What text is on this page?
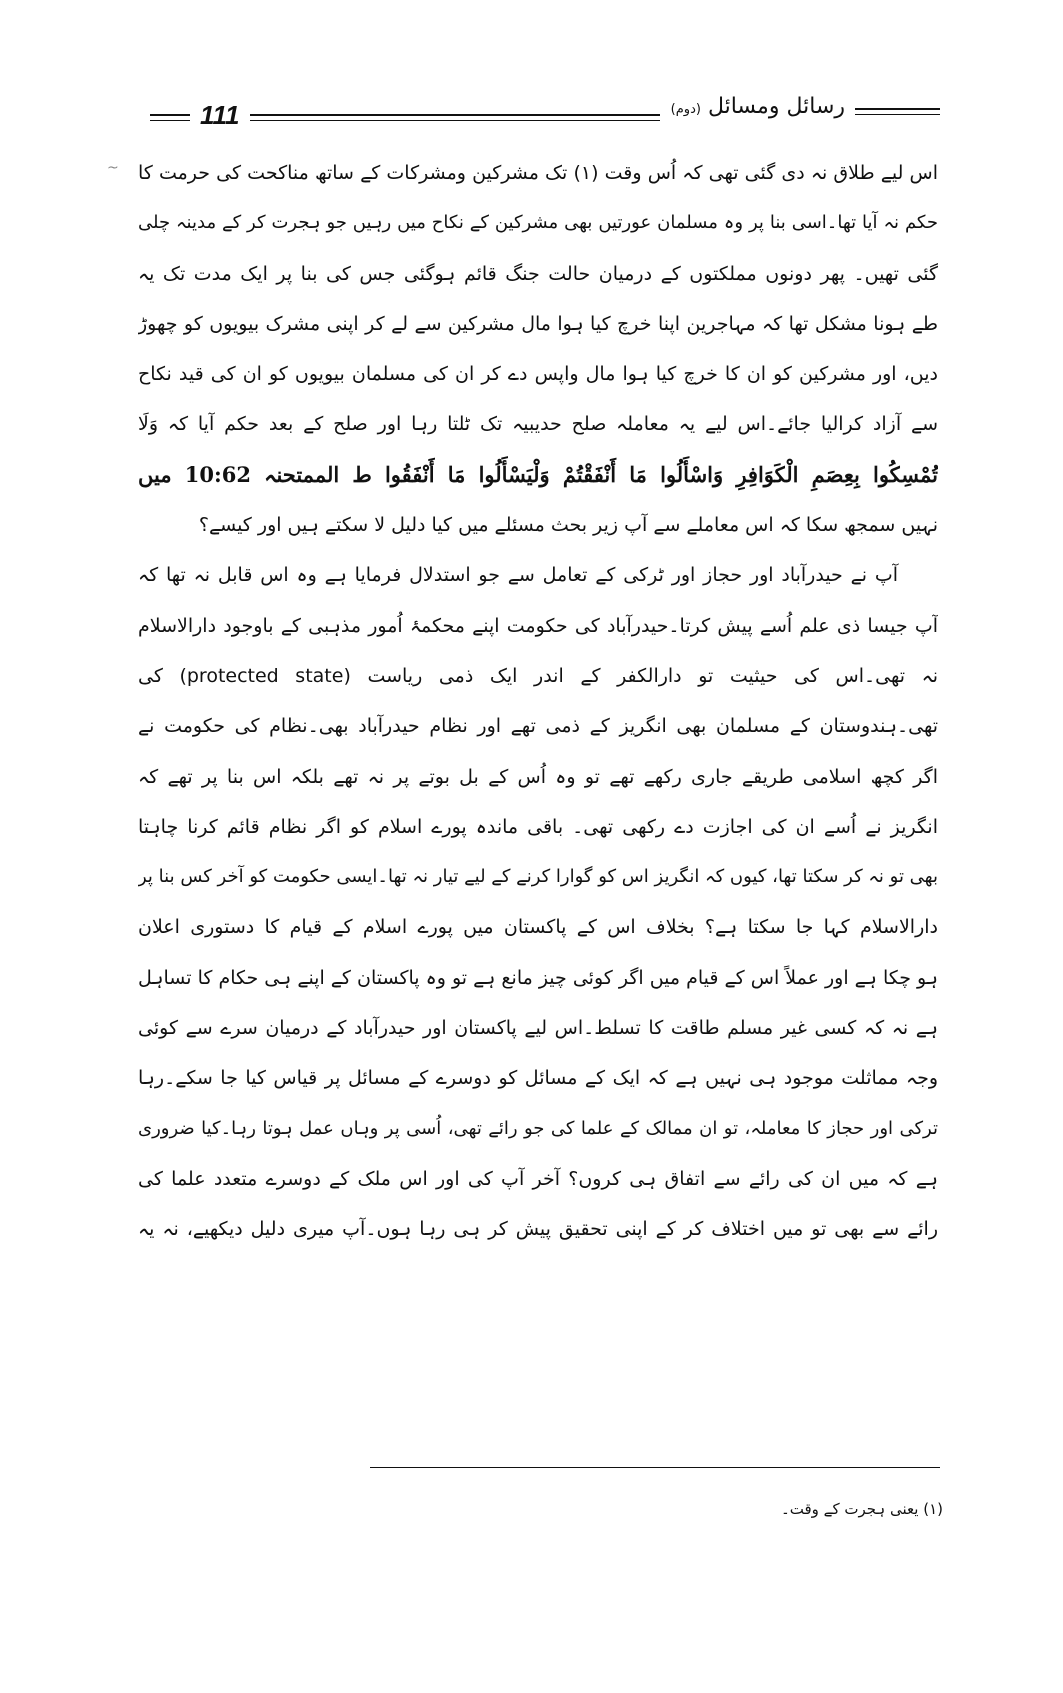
~
111	رسائل ومسائل (دوم)
اس لیے طلاق نہ دی گئی تھی کہ اُس وقت (۱) تک مشرکین ومشرکات کے ساتھ مناکحت کی حرمت کا
حکم نہ آیا تھا۔اسی بنا پر وہ مسلمان عورتیں بھی مشرکین کے نکاح میں رہیں جو ہجرت کر کے مدینہ چلی
گئی تھیں۔ پھر دونوں مملکتوں کے درمیان حالت جنگ قائم ہوگئی جس کی بنا پر ایک مدت تک یہ
طے ہونا مشکل تھا کہ مہاجرین اپنا خرچ کیا ہوا مال مشرکین سے لے کر اپنی مشرک بیویوں کو چھوڑ
دیں، اور مشرکین کو ان کا خرچ کیا ہوا مال واپس دے کر ان کی مسلمان بیویوں کو ان کی قید نکاح
سے آزاد کرالیا جائے۔اس لیے یہ معاملہ صلح حدیبیہ تک ٹلتا رہا اور صلح کے بعد حکم آیا کہ وَلَا
تُمْسِكُوا بِعِصَمِ الْكَوَافِرِ وَاسْأَلُوا مَا أَنْفَقْتُمْ وَلْيَسْأَلُوا مَا أَنْفَقُوا ط الممتحنہ 10:62 میں
نہیں سمجھ سکا کہ اس معاملے سے آپ زیر بحث مسئلے میں کیا دلیل لا سکتے ہیں اور کیسے؟
آپ نے حیدرآباد اور حجاز اور ٹرکی کے تعامل سے جو استدلال فرمایا ہے وہ اس قابل نہ تھا کہ
آپ جیسا ذی علم اُسے پیش کرتا۔حیدرآباد کی حکومت اپنے محکمۂ اُمور مذہبی کے باوجود دارالاسلام
نہ تھی۔اس کی حیثیت تو دارالکفر کے اندر ایک ذمی ریاست (protected state) کی
تھی۔ہندوستان کے مسلمان بھی انگریز کے ذمی تھے اور نظام حیدرآباد بھی۔نظام کی حکومت نے
اگر کچھ اسلامی طریقے جاری رکھے تھے تو وہ اُس کے بل بوتے پر نہ تھے بلکہ اس بنا پر تھے کہ
انگریز نے اُسے ان کی اجازت دے رکھی تھی۔ باقی ماندہ پورے اسلام کو اگر نظام قائم کرنا چاہتا
بھی تو نہ کر سکتا تھا، کیوں کہ انگریز اس کو گوارا کرنے کے لیے تیار نہ تھا۔ایسی حکومت کو آخر کس بنا پر
دارالاسلام کہا جا سکتا ہے؟ بخلاف اس کے پاکستان میں پورے اسلام کے قیام کا دستوری اعلان
ہو چکا ہے اور عملاً اس کے قیام میں اگر کوئی چیز مانع ہے تو وہ پاکستان کے اپنے ہی حکام کا تساہل
ہے نہ کہ کسی غیر مسلم طاقت کا تسلط۔اس لیے پاکستان اور حیدرآباد کے درمیان سرے سے کوئی
وجہ مماثلت موجود ہی نہیں ہے کہ ایک کے مسائل کو دوسرے کے مسائل پر قیاس کیا جا سکے۔رہا
ترکی اور حجاز کا معاملہ، تو ان ممالک کے علما کی جو رائے تھی، اُسی پر وہاں عمل ہوتا رہا۔کیا ضروری
ہے کہ میں ان کی رائے سے اتفاق ہی کروں؟ آخر آپ کی اور اس ملک کے دوسرے متعدد علما کی
رائے سے بھی تو میں اختلاف کر کے اپنی تحقیق پیش کر ہی رہا ہوں۔آپ میری دلیل دیکھیے، نہ یہ
(۱) یعنی ہجرت کے وقت۔
